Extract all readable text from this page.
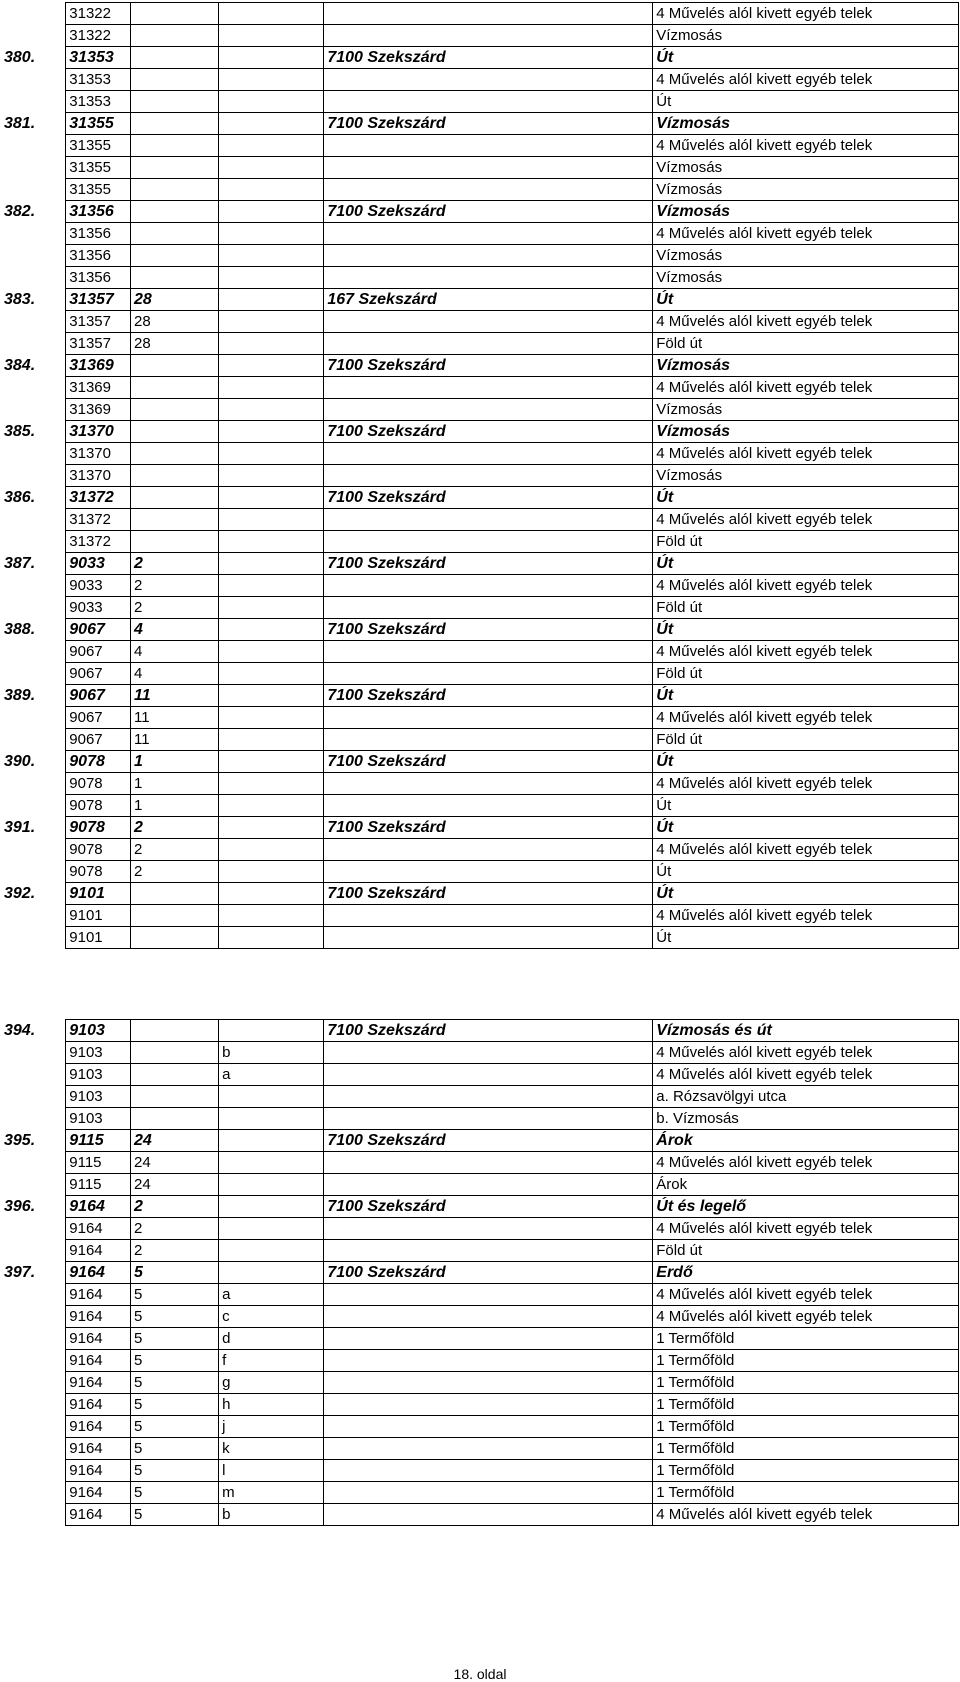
	31322				4 Művelés alól kivett egyéb telek
	31322				Vízmosás
380.	31353			7100 Szekszárd	Út
	31353				4 Művelés alól kivett egyéb telek
	31353				Út
381.	31355			7100 Szekszárd	Vízmosás
	31355				4 Művelés alól kivett egyéb telek
	31355				Vízmosás
	31355				Vízmosás
382.	31356			7100 Szekszárd	Vízmosás
	31356				4 Művelés alól kivett egyéb telek
	31356				Vízmosás
	31356				Vízmosás
383.	31357	28		167 Szekszárd	Út
	31357	28			4 Művelés alól kivett egyéb telek
	31357	28			Föld út
384.	31369			7100 Szekszárd	Vízmosás
	31369				4 Művelés alól kivett egyéb telek
	31369				Vízmosás
385.	31370			7100 Szekszárd	Vízmosás
	31370				4 Művelés alól kivett egyéb telek
	31370				Vízmosás
386.	31372			7100 Szekszárd	Út
	31372				4 Művelés alól kivett egyéb telek
	31372				Föld út
387.	9033	2		7100 Szekszárd	Út
	9033	2			4 Művelés alól kivett egyéb telek
	9033	2			Föld út
388.	9067	4		7100 Szekszárd	Út
	9067	4			4 Művelés alól kivett egyéb telek
	9067	4			Föld út
389.	9067	11		7100 Szekszárd	Út
	9067	11			4 Művelés alól kivett egyéb telek
	9067	11			Föld út
390.	9078	1		7100 Szekszárd	Út
	9078	1			4 Művelés alól kivett egyéb telek
	9078	1			Út
391.	9078	2		7100 Szekszárd	Út
	9078	2			4 Művelés alól kivett egyéb telek
	9078	2			Út
392.	9101			7100 Szekszárd	Út
	9101				4 Művelés alól kivett egyéb telek
	9101				Út

394.	9103			7100 Szekszárd	Vízmosás és út
	9103		b		4 Művelés alól kivett egyéb telek
	9103		a		4 Művelés alól kivett egyéb telek
	9103				a. Rózsavölgyi utca
	9103				b. Vízmosás
395.	9115	24		7100 Szekszárd	Árok
	9115	24			4 Művelés alól kivett egyéb telek
	9115	24			Árok
396.	9164	2		7100 Szekszárd	Út és legelő
	9164	2			4 Művelés alól kivett egyéb telek
	9164	2			Föld út
397.	9164	5		7100 Szekszárd	Erdő
	9164	5	a		4 Művelés alól kivett egyéb telek
	9164	5	c		4 Művelés alól kivett egyéb telek
	9164	5	d		1 Termőföld
	9164	5	f		1 Termőföld
	9164	5	g		1 Termőföld
	9164	5	h		1 Termőföld
	9164	5	j		1 Termőföld
	9164	5	k		1 Termőföld
	9164	5	l		1 Termőföld
	9164	5	m		1 Termőföld
	9164	5	b		4 Művelés alól kivett egyéb telek
18. oldal
